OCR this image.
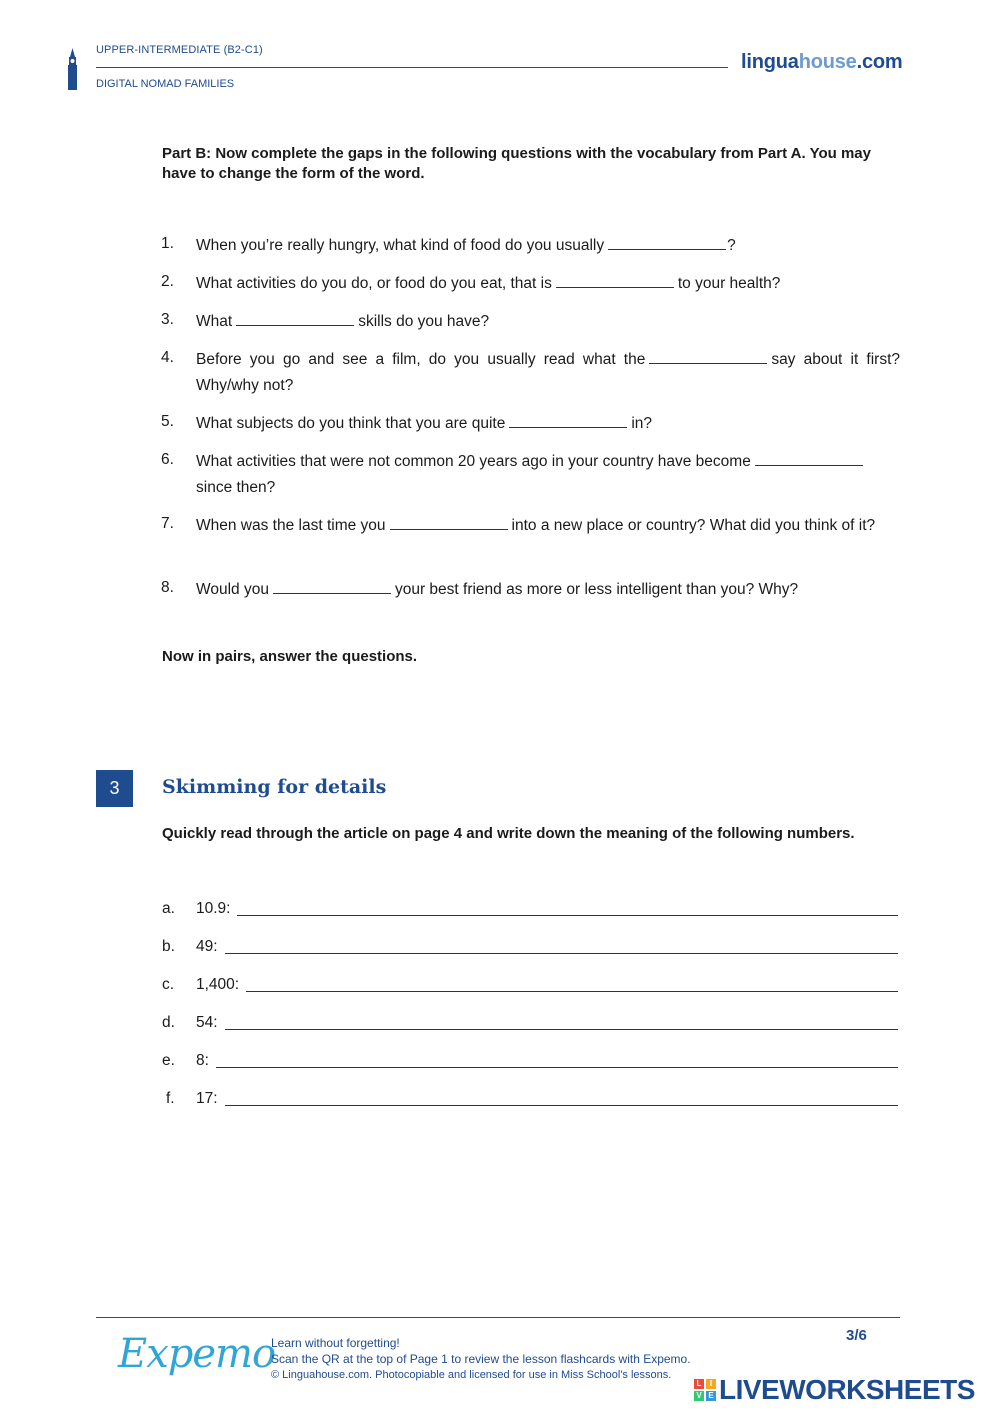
UPPER-INTERMEDIATE (B2-C1)
DIGITAL NOMAD FAMILIES
linguahouse.com
Part B: Now complete the gaps in the following questions with the vocabulary from Part A. You may have to change the form of the word.
1. When you’re really hungry, what kind of food do you usually	?
2. What activities do you do, or food do you eat, that is	to your health?
3. What	skills do you have?
4. Before you go and see a film, do you usually read what the	say about it first? Why/why not?
5. What subjects do you think that you are quite	in?
6. What activities that were not common 20 years ago in your country have becomesince then?
7. When was the last time you	into a new place or country? What did you think of it?
8. Would you	your best friend as more or less intelligent than you? Why?
Now in pairs, answer the questions.
3	Skimming for details
Quickly read through the article on page 4 and write down the meaning of the following numbers.
a.	10.9:
b.	49:
c.	1,400:
d.	54:
e.	8:
f.	17:
Expemo
Learn without forgetting!
Scan the QR at the top of Page 1 to review the lesson flashcards with Expemo.
© Linguahouse.com. Photocopiable and licensed for use in Miss School's lessons.
3/6
L	I
V E LIVEWORKSHEETS
